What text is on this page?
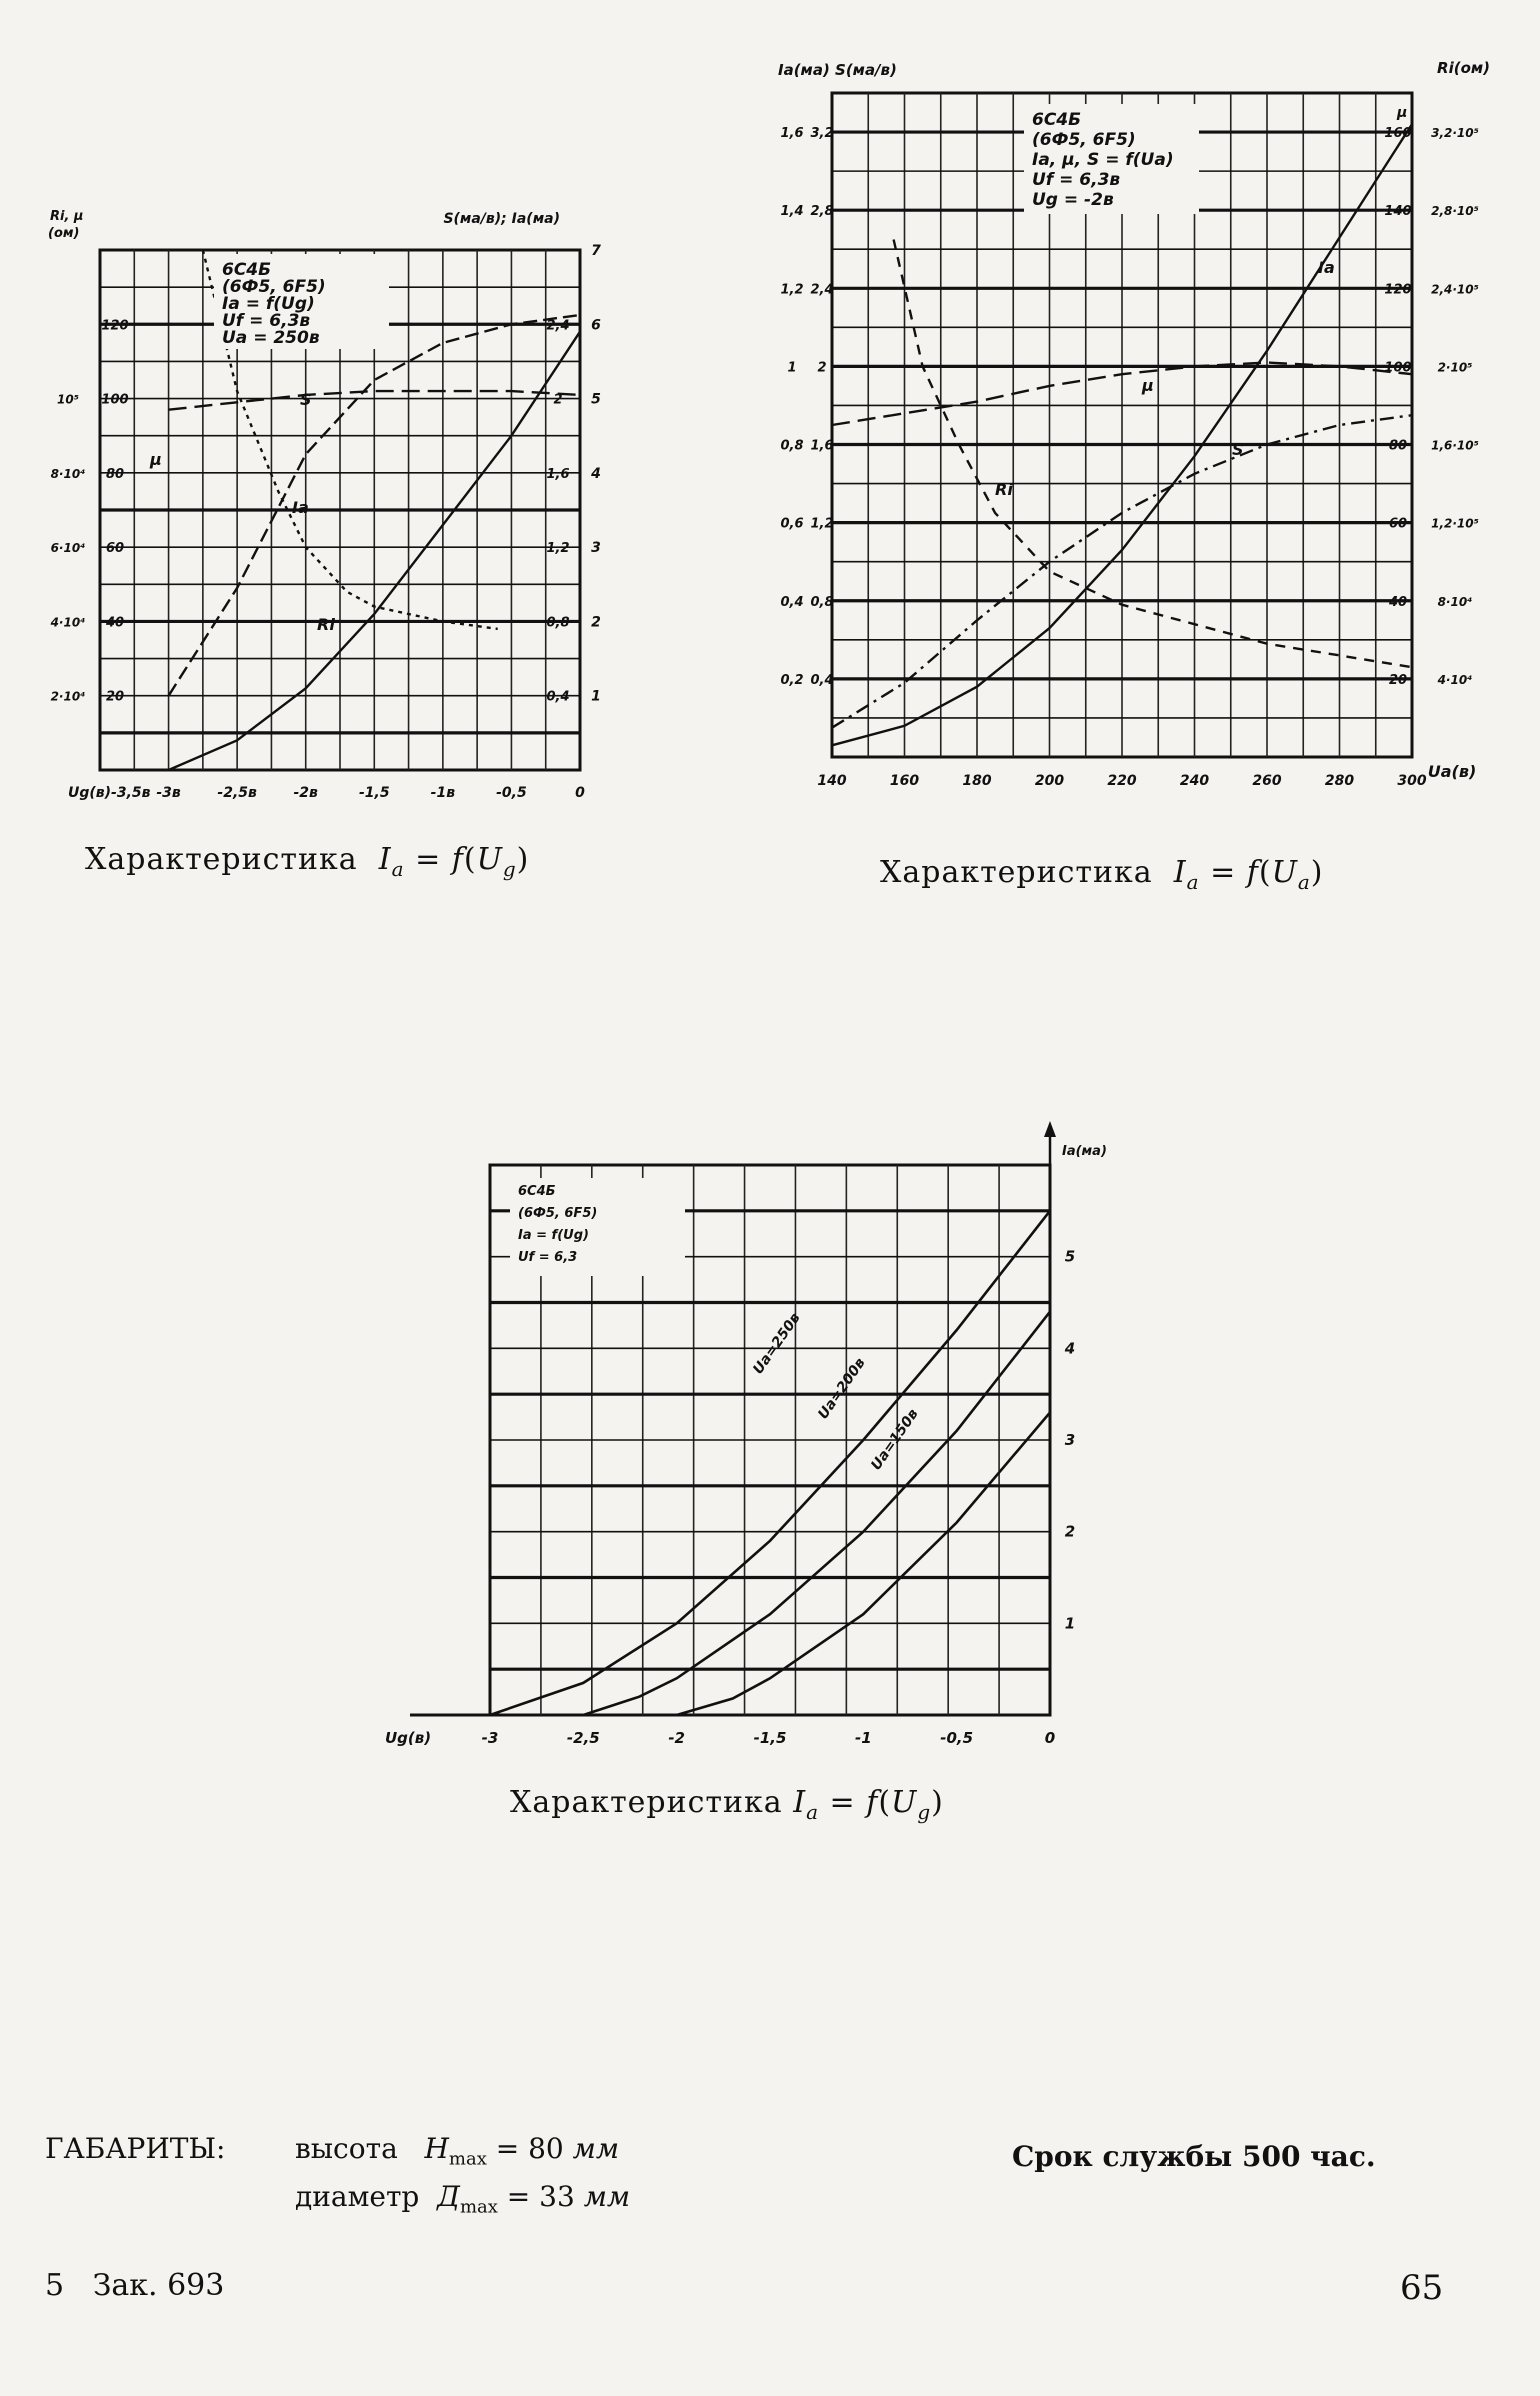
S
Ia
μ
Ri
6С4Б
(6Ф5, 6F5)
Ia = f(Ug)
Uf = 6,3в
Ua = 250в
Ug(в)-3,5в -3в	-2,5в	-2в	-1,5	-1в	-0,5	0
Ri, μ
(ом)
20
40
60
80
100
120
2·10⁴
4·10⁴
6·10⁴
8·10⁴
10⁵
S(ма/в); Ia(ма)
0,4
0,8
1,2
1,6
2
2,4
1
2
3
4
5
6
7
Характеристика  $I_a = f(U_g)$
Ia
S
μ
Ri
6С4Б
(6Ф5, 6F5)
Ia, μ, S = f(Ua)
Uf = 6,3в
Ug = -2в
140	160	180	200	220	240	260	280	300 Ua(в)
Ia(ма) S(ма/в)
0,2
0,4
0,6
0,8
1
1,2
1,4
1,6
0,4
0,8
1,2
1,6
2
2,4
2,8
3,2
Ri(ом)
μ
20
40
60
80
100
120
140
160
4·10⁴
8·10⁴
1,2·10⁵
1,6·10⁵
2·10⁵
2,4·10⁵
2,8·10⁵
3,2·10⁵
Характеристика  $I_a = f(U_a)$
Ua=250в
Ua=200в
Ua=150в
6С4Б
(6Ф5, 6F5)
Ia = f(Ug)
Uf = 6,3
-3	-2,5	-2	-1,5	-1	-0,5	0
Ug(в)
1
2
3
4
5
Ia(ма)
Характеристика $I_a = f(U_g)$
ГАБАРИТЫ: высота   $H_{max} = 80$ мм
диаметр  $Д_{max} = 33$ мм
Срок службы 500 час.
5   Зак. 693	65
